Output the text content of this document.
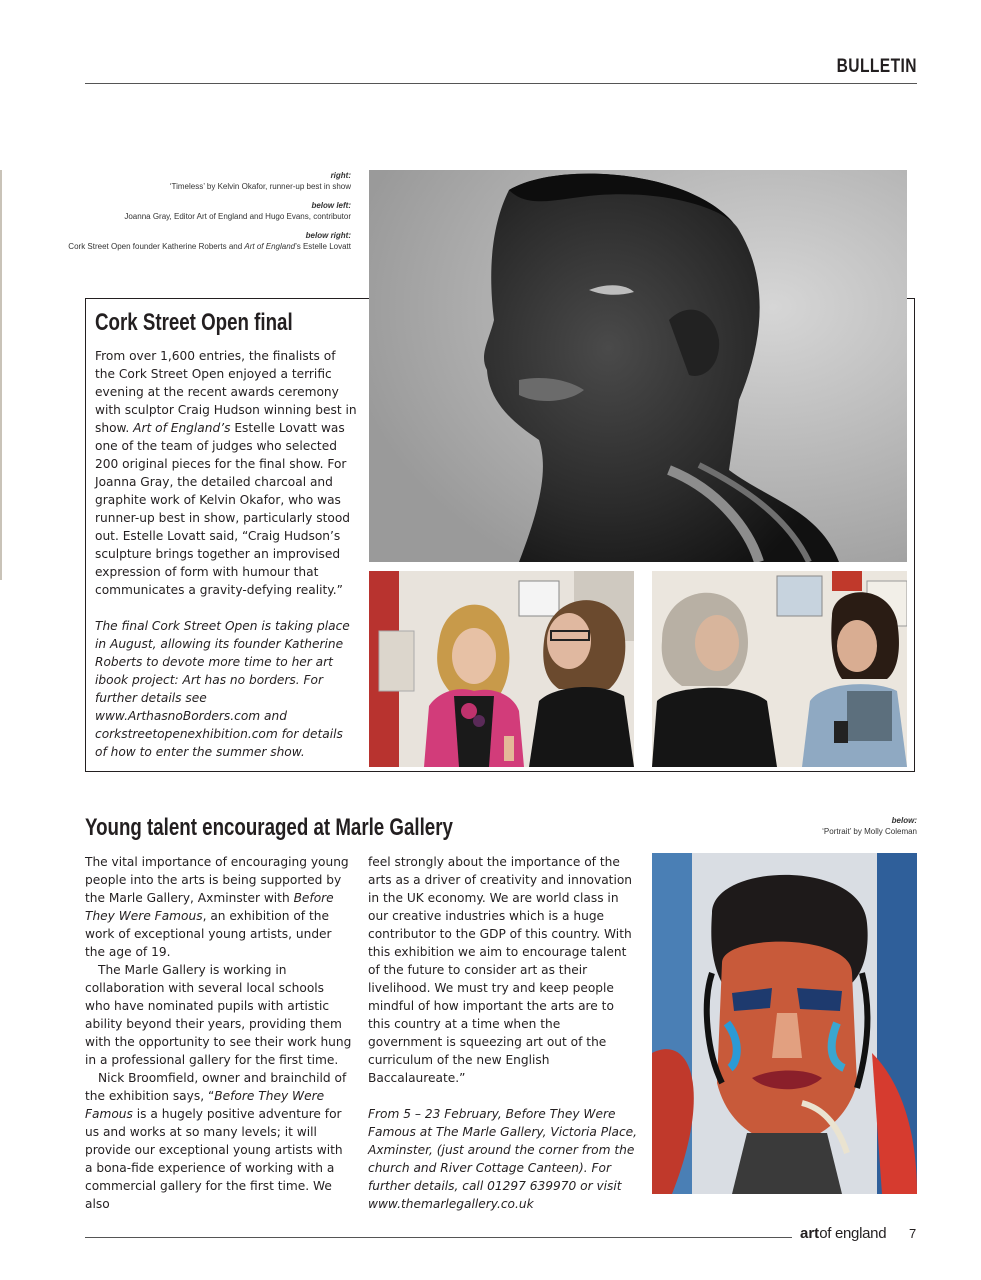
BULLETIN
right:
‘Timeless’ by Kelvin Okafor, runner-up best in show
below left:
Joanna Gray, Editor Art of England and Hugo Evans, contributor
below right:
Cork Street Open founder Katherine Roberts and Art of England’s Estelle Lovatt
Cork Street Open final

From over 1,600 entries, the finalists of the Cork Street Open enjoyed a terrific evening at the recent awards ceremony with sculptor Craig Hudson winning best in show. Art of England’s Estelle Lovatt was one of the team of judges who selected 200 original pieces for the final show. For Joanna Gray, the detailed charcoal and graphite work of Kelvin Okafor, who was runner-up best in show, particularly stood out. Estelle Lovatt said, “Craig Hudson’s sculpture brings together an improvised expression of form with humour that communicates a gravity-defying reality.”

The final Cork Street Open is taking place in August, allowing its founder Katherine Roberts to devote more time to her art ibook project: Art has no borders. For further details see www.ArthasnoBorders.com and corkstreetopenexhibition.com for details of how to enter the summer show.

Young talent encouraged at Marle Gallery	below:
‘Portrait’ by Molly Coleman

The vital importance of encouraging young people into the arts is being supported by the Marle Gallery, Axminster with Before They Were Famous, an exhibition of the work of exceptional young artists, under the age of 19.

The Marle Gallery is working in collaboration with several local schools who have nominated pupils with artistic ability beyond their years, providing them with the opportunity to see their work hung in a professional gallery for the first time.

Nick Broomfield, owner and brainchild of the exhibition says, “Before They Were Famous is a hugely positive adventure for us and works at so many levels; it will provide our exceptional young artists with a bona-fide experience of working with a commercial gallery for the first time. We also

feel strongly about the importance of the arts as a driver of creativity and innovation in the UK economy. We are world class in our creative industries which is a huge contributor to the GDP of this country. With this exhibition we aim to encourage talent of the future to consider art as their livelihood. We must try and keep people mindful of how important the arts are to this country at a time when the government is squeezing art out of the curriculum of the new English Baccalaureate.”

From 5 – 23 February, Before They Were Famous at The Marle Gallery, Victoria Place, Axminster, (just around the corner from the church and River Cottage Canteen). For further details, call 01297 639970 or visit www.themarlegallery.co.uk

artof england 7
